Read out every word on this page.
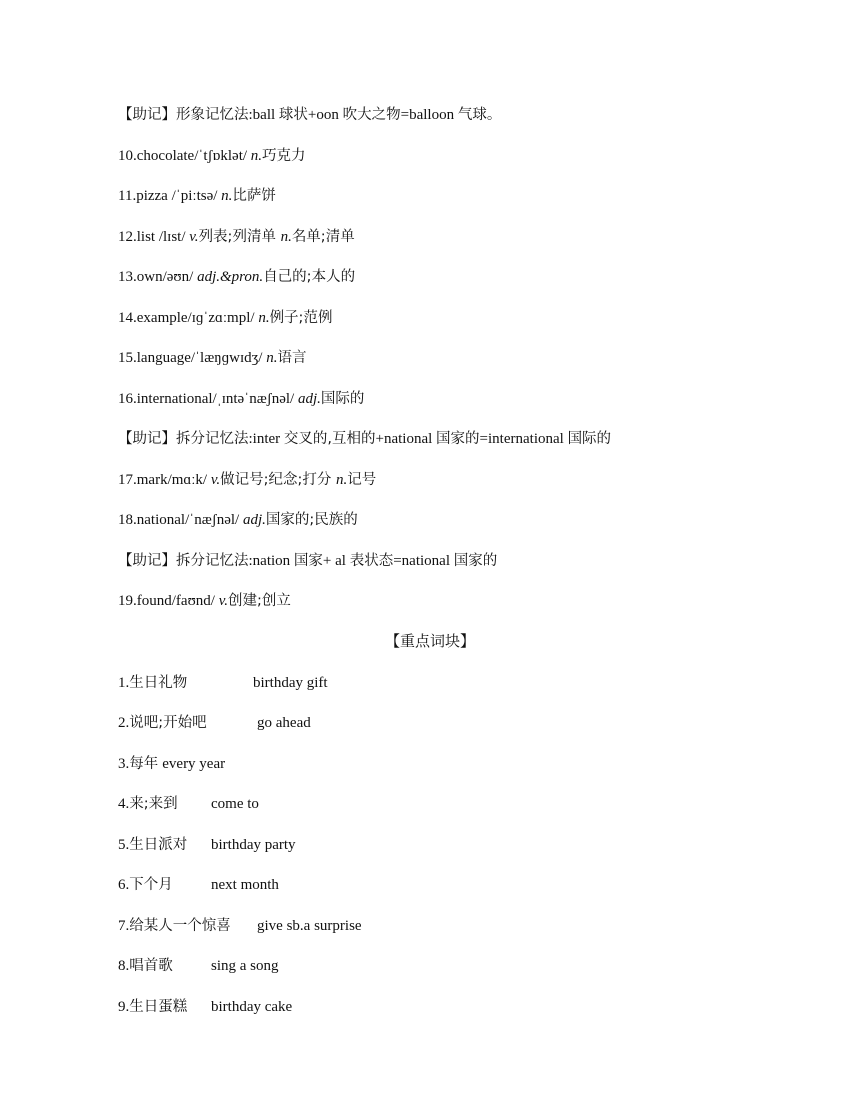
【助记】形象记忆法:ball 球状+oon 吹大之物=balloon 气球。
10.chocolate/ˈtʃɒklət/ n.巧克力
11.pizza /ˈpiːtsə/ n.比萨饼
12.list /lɪst/ v.列表;列清单 n.名单;清单
13.own/əʊn/ adj.&pron.自己的;本人的
14.example/ɪɡˈzɑːmpl/ n.例子;范例
15.language/ˈlæŋɡwɪdʒ/ n.语言
16.international/ˌɪntəˈnæʃnəl/ adj.国际的
【助记】拆分记忆法:inter 交叉的,互相的+national 国家的=international 国际的
17.mark/mɑːk/ v.做记号;纪念;打分 n.记号
18.national/ˈnæʃnəl/ adj.国家的;民族的
【助记】拆分记忆法:nation 国家+ al 表状态=national 国家的
19.found/faʊnd/ v.创建;创立
【重点词块】
1.生日礼物	birthday gift
2.说吧;开始吧	go ahead
3.每年 every year
4.来;来到 come to
5.生日派对 birthday party
6.下个月	next month
7.给某人一个惊喜 give sb.a surprise
8.唱首歌	sing a song
9.生日蛋糕 birthday cake
